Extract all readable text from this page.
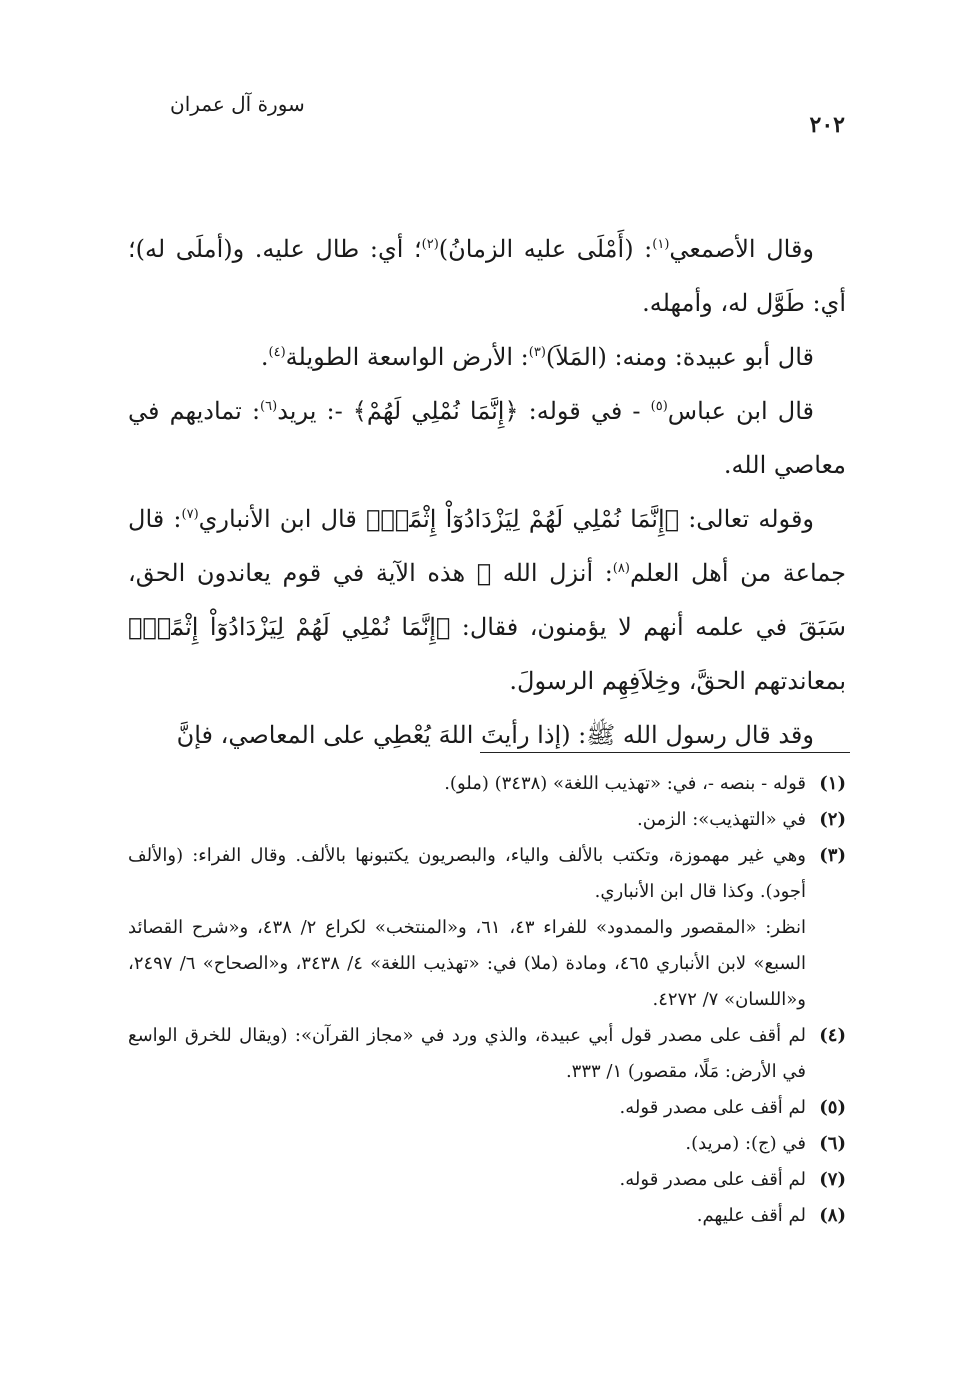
سورة آل عمران
٢٠٢

وقال الأصمعي$^{(١)}$: (أَمْلَى عليه الزمانُ)$^{(٢)}$؛ أي: طال عليه. و(أملَى له)؛ أي: طَوَّل له، وأمهله.

قال أبو عبيدة: ومنه: (المَلاَ)$^{(٣)}$: الأرض الواسعة الطويلة$^{(٤)}$.

قال ابن عباس$^{(٥)}$ - في قوله: ﴿إِنَّمَا نُمْلِي لَهُمْ﴾ -: يريد$^{(٦)}$: تماديهم في معاصي الله.

وقوله تعالى: ﴿إِنَّمَا نُمْلِي لَهُمْ لِيَزْدَادُوٓاْ إِثْمًاۚ﴾ قال ابن الأنباري$^{(٧)}$: قال جماعة من أهل العلم$^{(٨)}$: أنزل الله ﷻ هذه الآية في قوم يعاندون الحق، سَبَقَ في علمه أنهم لا يؤمنون، فقال: ﴿إِنَّمَا نُمْلِي لَهُمْ لِيَزْدَادُوٓاْ إِثْمًاۚ﴾ بمعاندتهم الحقَّ، وخِلاَفِهِم الرسولَ.

وقد قال رسول الله ﷺ: (إذا رأيتَ اللهَ يُعْطِي على المعاصي، فإنَّ

(١)
قوله - بنصه -، في: «تهذيب اللغة» (٣٤٣٨) (ملو).
(٢)
في «التهذيب»: الزمن.
(٣)
وهي غير مهموزة، وتكتب بالألف والياء، والبصريون يكتبونها بالألف. وقال الفراء: (والألف أجود). وكذا قال ابن الأنباري.
انظر: «المقصور والممدود» للفراء ٤٣، ٦١، و«المنتخب» لكراع ٢/ ٤٣٨، و«شرح القصائد السبع» لابن الأنباري ٤٦٥، ومادة (ملا) في: «تهذيب اللغة» ٤/ ٣٤٣٨، و«الصحاح» ٦/ ٢٤٩٧، و«اللسان» ٧/ ٤٢٧٢.
(٤)
لم أقف على مصدر قول أبي عبيدة، والذي ورد في «مجاز القرآن»: (ويقال للخرق الواسع في الأرض: مَلًا، مقصور) ١/ ٣٣٣.
(٥)
لم أقف على مصدر قوله.
(٦)
في (ج): (مريد).
(٧)
لم أقف على مصدر قوله.
(٨)
لم أقف عليهم.
